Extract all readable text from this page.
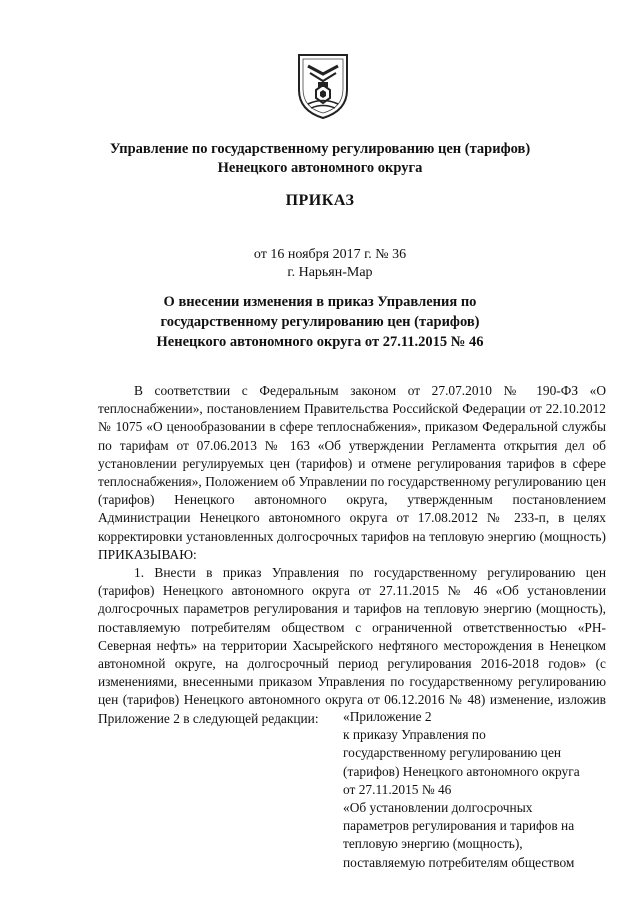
Управление по государственному регулированию цен (тарифов)
Ненецкого автономного округа
ПРИКАЗ
от 16 ноября 2017 г. № 36
г. Нарьян-Мар
О внесении изменения в приказ Управления по
государственному регулированию цен (тарифов)
Ненецкого автономного округа от 27.11.2015 № 46

В соответствии с Федеральным законом от 27.07.2010 № 190-ФЗ «О теплоснабжении», постановлением Правительства Российской Федерации от 22.10.2012 № 1075 «О ценообразовании в сфере теплоснабжения», приказом Федеральной службы по тарифам от 07.06.2013 № 163 «Об утверждении Регламента открытия дел об установлении регулируемых цен (тарифов) и отмене регулирования тарифов в сфере теплоснабжения», Положением об Управлении по государственному регулированию цен (тарифов) Ненецкого автономного округа, утвержденным постановлением Администрации Ненецкого автономного округа от 17.08.2012 № 233-п, в целях корректировки установленных долгосрочных тарифов на тепловую энергию (мощность) ПРИКАЗЫВАЮ:

1. Внести в приказ Управления по государственному регулированию цен (тарифов) Ненецкого автономного округа от 27.11.2015 № 46 «Об установлении долгосрочных параметров регулирования и тарифов на тепловую энергию (мощность), поставляемую потребителям обществом с ограниченной ответственностью «РН-Северная нефть» на территории Хасырейского нефтяного месторождения в Ненецком автономной округе, на долгосрочный период регулирования 2016-2018 годов» (с изменениями, внесенными приказом Управления по государственному регулированию цен (тарифов) Ненецкого автономного округа от 06.12.2016 № 48) изменение, изложив Приложение 2 в следующей редакции:	«Приложение 2
к приказу Управления по
государственному регулированию цен
(тарифов) Ненецкого автономного округа
от 27.11.2015 № 46
«Об установлении долгосрочных
параметров регулирования и тарифов на
тепловую энергию (мощность),
поставляемую потребителям обществом
